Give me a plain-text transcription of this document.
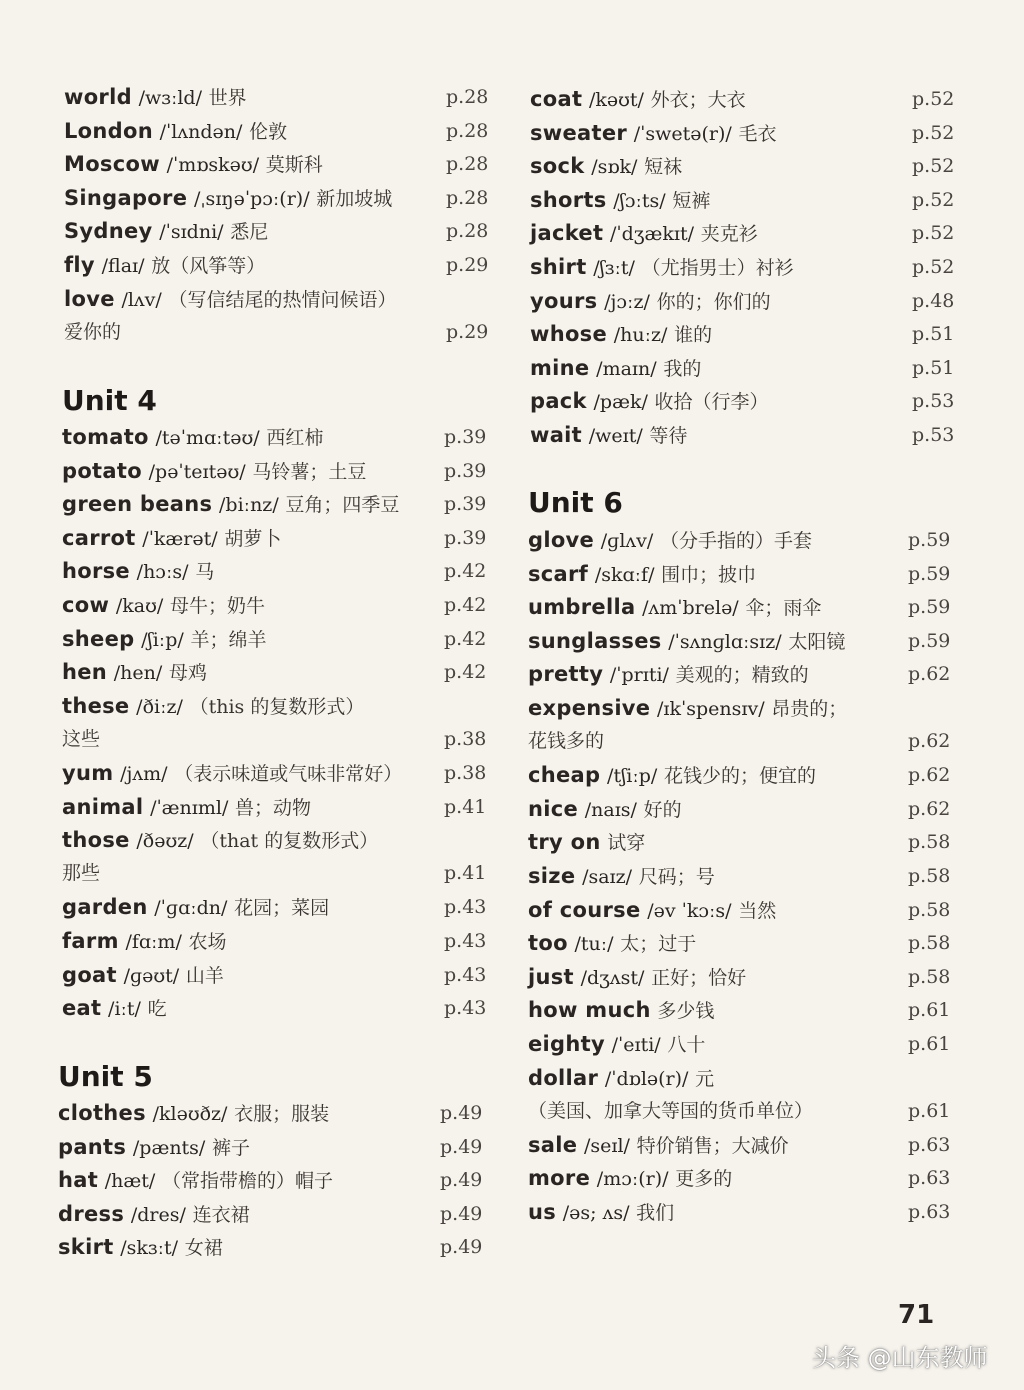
world /wɜːld/ 世界	p.28
London /ˈlʌndən/ 伦敦	p.28
Moscow /ˈmɒskəʊ/ 莫斯科	p.28
Singapore /ˌsɪŋəˈpɔː(r)/ 新加坡城	p.28
Sydney /ˈsɪdni/ 悉尼	p.28
fly /flaɪ/ 放（风筝等）	p.29
love /lʌv/ （写信结尾的热情问候语）
爱你的	p.29
Unit 4
tomato /təˈmɑːtəʊ/ 西红柿	p.39
potato /pəˈteɪtəʊ/ 马铃薯；土豆	p.39
green beans /biːnz/ 豆角；四季豆 p.39
carrot /ˈkærət/ 胡萝卜	p.39
horse /hɔːs/ 马	p.42
cow /kaʊ/ 母牛；奶牛	p.42
sheep /ʃiːp/ 羊；绵羊	p.42
hen /hen/ 母鸡	p.42
these /ðiːz/ （this 的复数形式）
这些	p.38
yum /jʌm/ （表示味道或气味非常好） p.38
animal /ˈænɪml/ 兽；动物	p.41
those /ðəʊz/ （that 的复数形式）
那些	p.41
garden /ˈɡɑːdn/ 花园；菜园	p.43
farm /fɑːm/ 农场	p.43
goat /ɡəʊt/ 山羊	p.43
eat /iːt/ 吃	p.43
Unit 5
clothes /kləʊðz/ 衣服；服装	p.49
pants /pænts/ 裤子	p.49
hat /hæt/ （常指带檐的）帽子	p.49
dress /dres/ 连衣裙	p.49
skirt /skɜːt/ 女裙	p.49
coat /kəʊt/ 外衣；大衣	p.52
sweater /ˈswetə(r)/ 毛衣	p.52
sock /sɒk/ 短袜	p.52
shorts /ʃɔːts/ 短裤	p.52
jacket /ˈdʒækɪt/ 夹克衫	p.52
shirt /ʃɜːt/ （尤指男士）衬衫	p.52
yours /jɔːz/ 你的；你们的	p.48
whose /huːz/ 谁的	p.51
mine /maɪn/ 我的	p.51
pack /pæk/ 收拾（行李）	p.53
wait /weɪt/ 等待	p.53
Unit 6
glove /ɡlʌv/ （分手指的）手套	p.59
scarf /skɑːf/ 围巾；披巾	p.59
umbrella /ʌmˈbrelə/ 伞；雨伞	p.59
sunglasses /ˈsʌnɡlɑːsɪz/ 太阳镜	p.59
pretty /ˈprɪti/ 美观的；精致的	p.62
expensive /ɪkˈspensɪv/ 昂贵的；
花钱多的	p.62
cheap /tʃiːp/ 花钱少的；便宜的	p.62
nice /naɪs/ 好的	p.62
try on 试穿	p.58
size /saɪz/ 尺码；号	p.58
of course /əv ˈkɔːs/ 当然	p.58
too /tuː/ 太；过于	p.58
just /dʒʌst/ 正好；恰好	p.58
how much 多少钱	p.61
eighty /ˈeɪti/ 八十	p.61
dollar /ˈdɒlə(r)/ 元
（美国、加拿大等国的货币单位）	p.61
sale /seɪl/ 特价销售；大减价	p.63
more /mɔː(r)/ 更多的	p.63
us /əs; ʌs/ 我们	p.63
71
头条 @山东教师
